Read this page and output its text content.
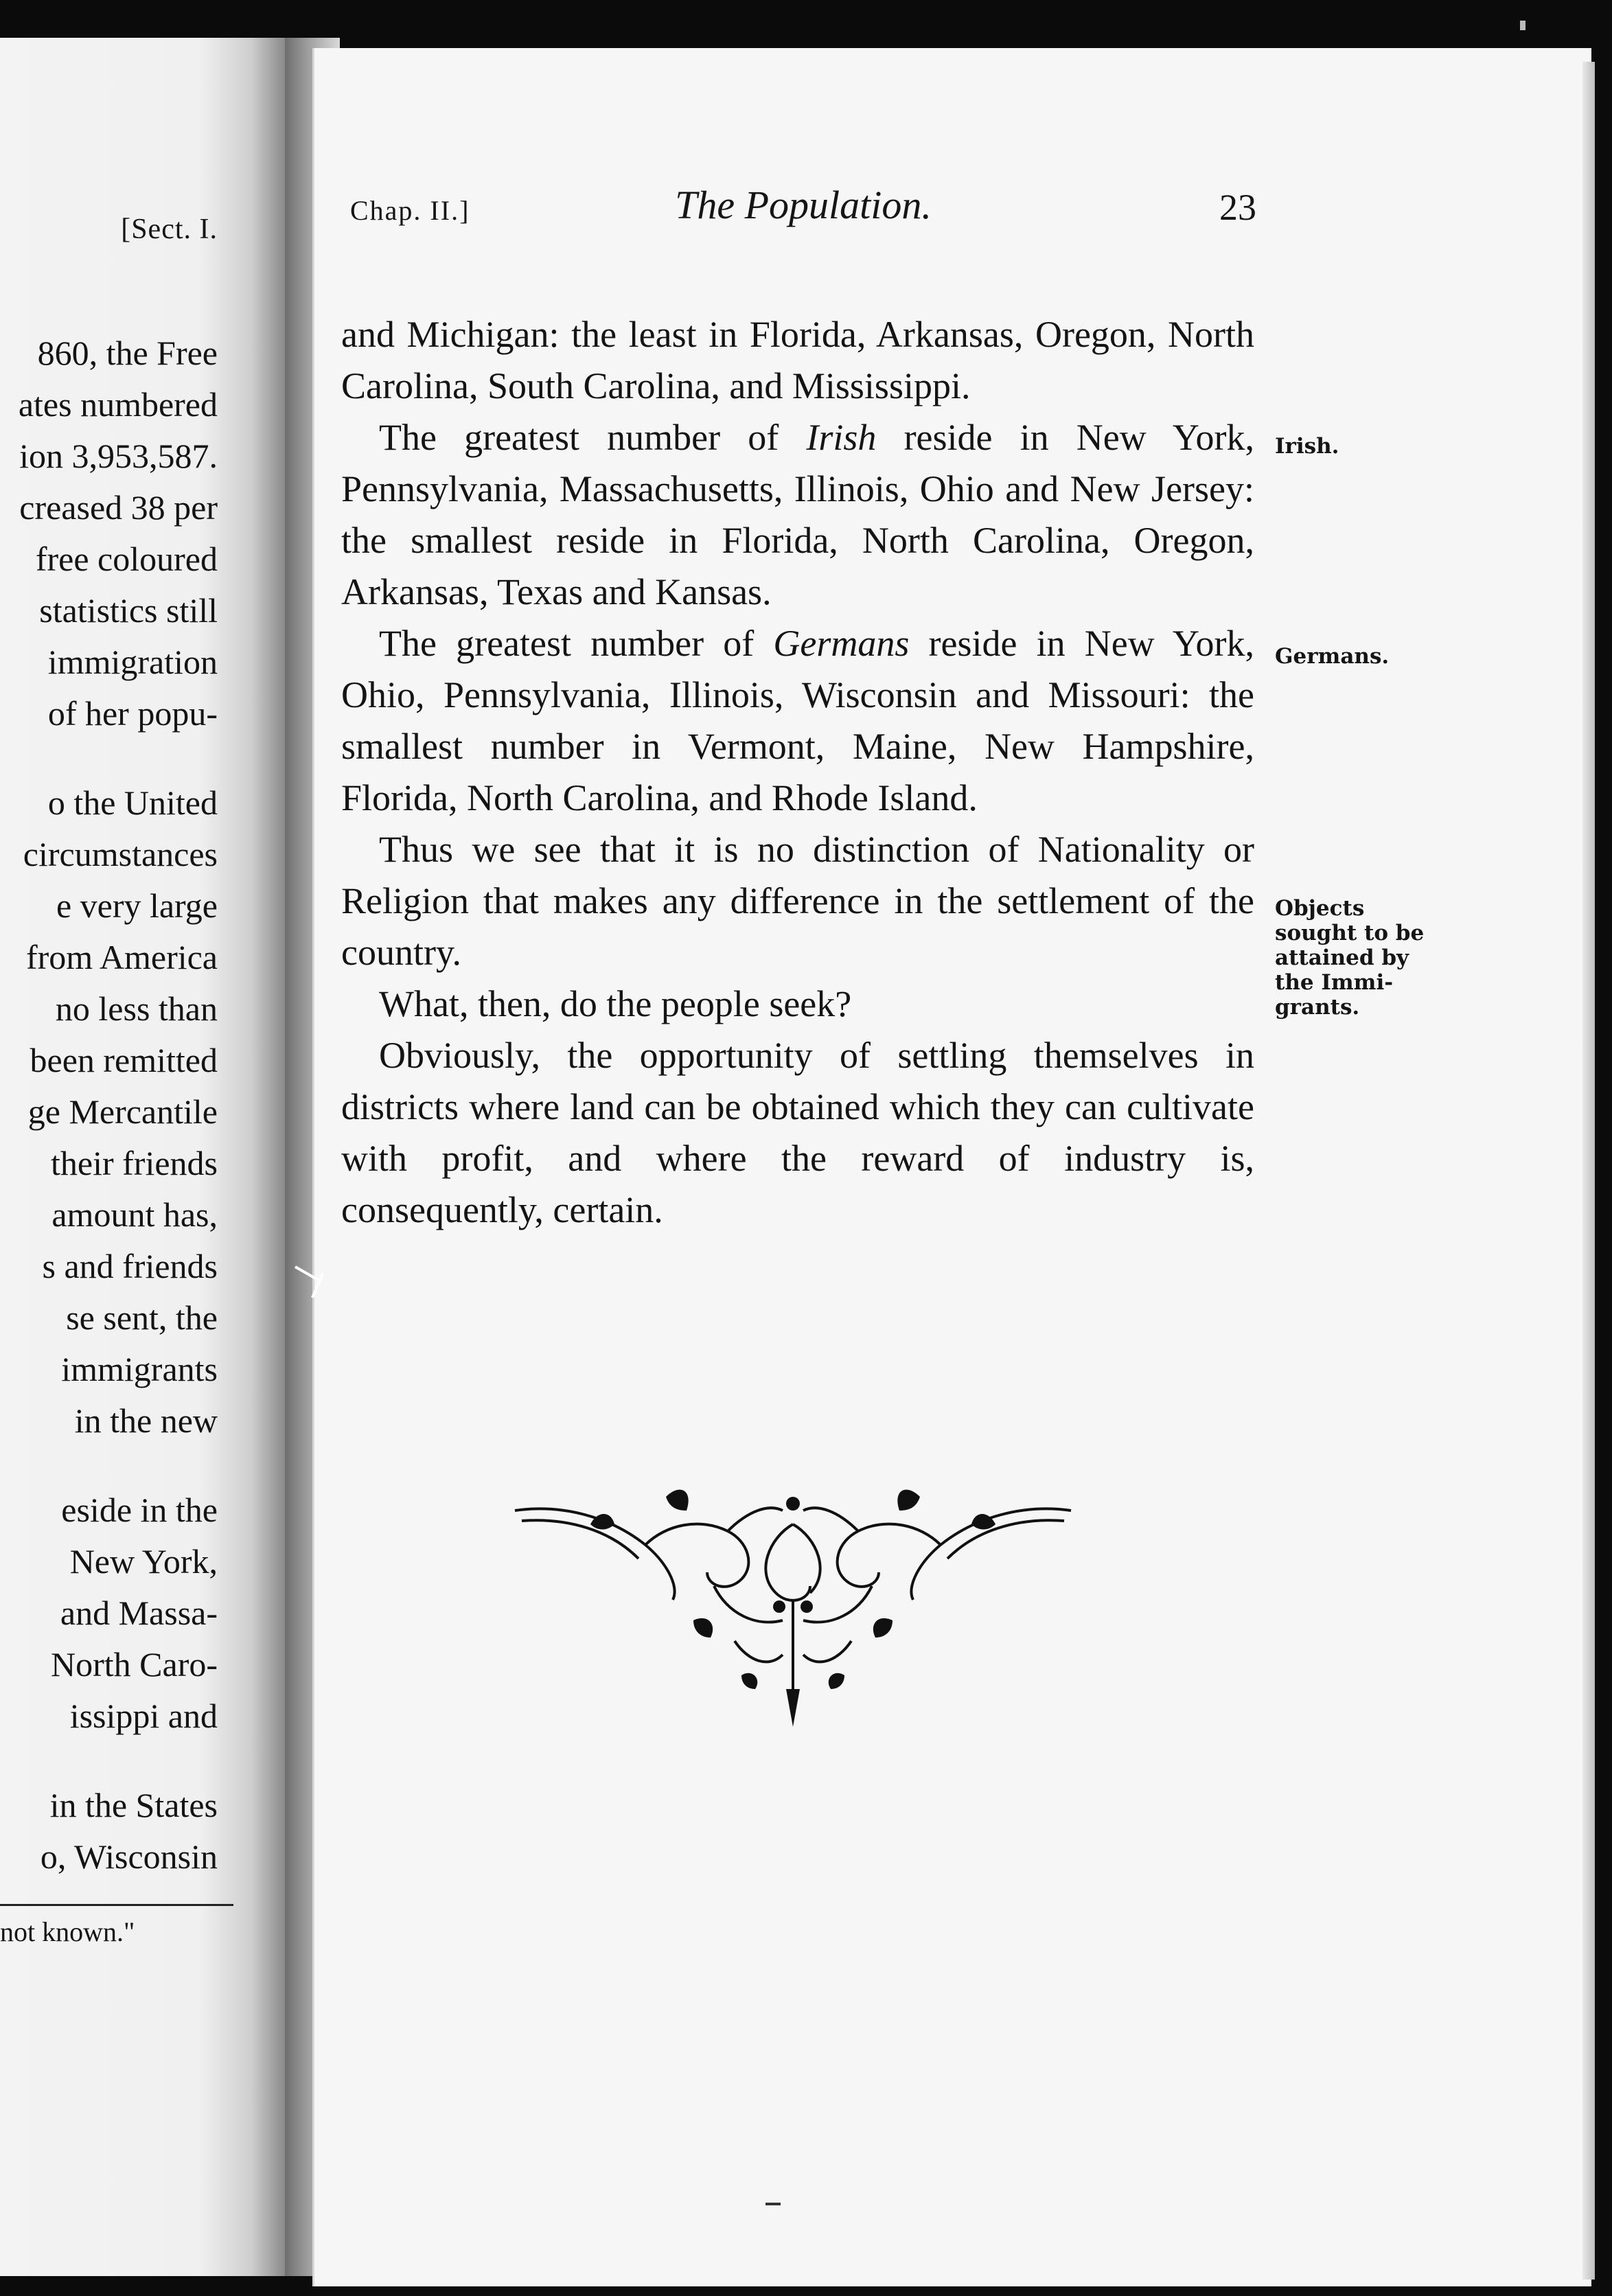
[Sect. I.
860, the Free
ates numbered
ion 3,953,587.
creased 38 per
free coloured
statistics still
immigration
of her popu-
o the United
circumstances
e very large
from America
no less than
been remitted
ge Mercantile
their friends
amount has,
s and friends
se sent, the
immigrants
in the new
eside in the
New York,
and Massa-
North Caro-
issippi and
in the States
o, Wisconsin
not known."
Chap. II.]	The Population.	23

and Michigan: the least in Florida, Arkansas, Oregon, North Carolina, South Carolina, and Mississippi.

The greatest number of Irish reside in New York, Pennsylvania, Massachusetts, Illinois, Ohio and New Jersey: the smallest reside in Florida, North Carolina, Oregon, Arkansas, Texas and Kansas.

The greatest number of Germans reside in New York, Ohio, Pennsylvania, Illinois, Wisconsin and Missouri: the smallest number in Vermont, Maine, New Hampshire, Florida, North Carolina, and Rhode Island.

Thus we see that it is no distinction of Nationality or Religion that makes any difference in the settlement of the country.

What, then, do the people seek?

Obviously, the opportunity of settling themselves in districts where land can be obtained which they can cultivate with profit, and where the reward of industry is, consequently, certain.

Irish.
Germans.
Objects sought to be attained by the Immi- grants.
